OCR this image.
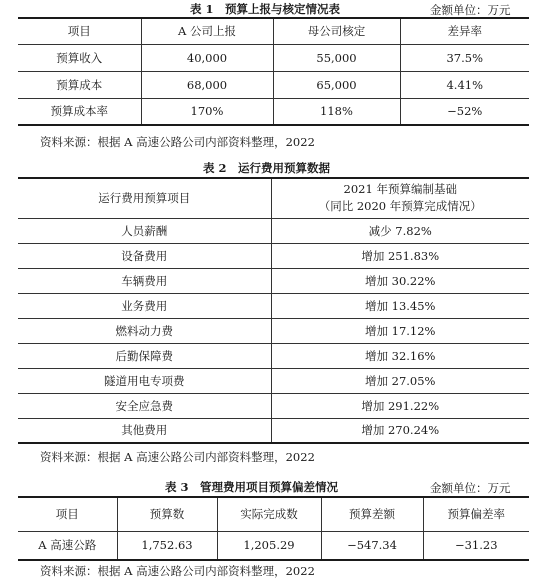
表 1　预算上报与核定情况表	金额单位：万元
项目	A 公司上报	母公司核定	差异率
预算收入	40,000	55,000	37.5%
预算成本	68,000	65,000	4.41%
预算成本率	170%	118%	−52%
资料来源：根据 A 高速公路公司内部资料整理，2022
表 2　运行费用预算数据
运行费用预算项目	2021 年预算编制基础
（同比 2020 年预算完成情况）

人员薪酬	减少 7.82%
设备费用	增加 251.83%
车辆费用	增加 30.22%
业务费用	增加 13.45%
燃料动力费	增加 17.12%
后勤保障费	增加 32.16%
隧道用电专项费	增加 27.05%
安全应急费	增加 291.22%
其他费用	增加 270.24%
资料来源：根据 A 高速公路公司内部资料整理，2022
表 3　管理费用项目预算偏差情况	金额单位：万元
项目	预算数	实际完成数	预算差额	预算偏差率
A 高速公路	1,752.63	1,205.29	−547.34	−31.23
资料来源：根据 A 高速公路公司内部资料整理，2022
